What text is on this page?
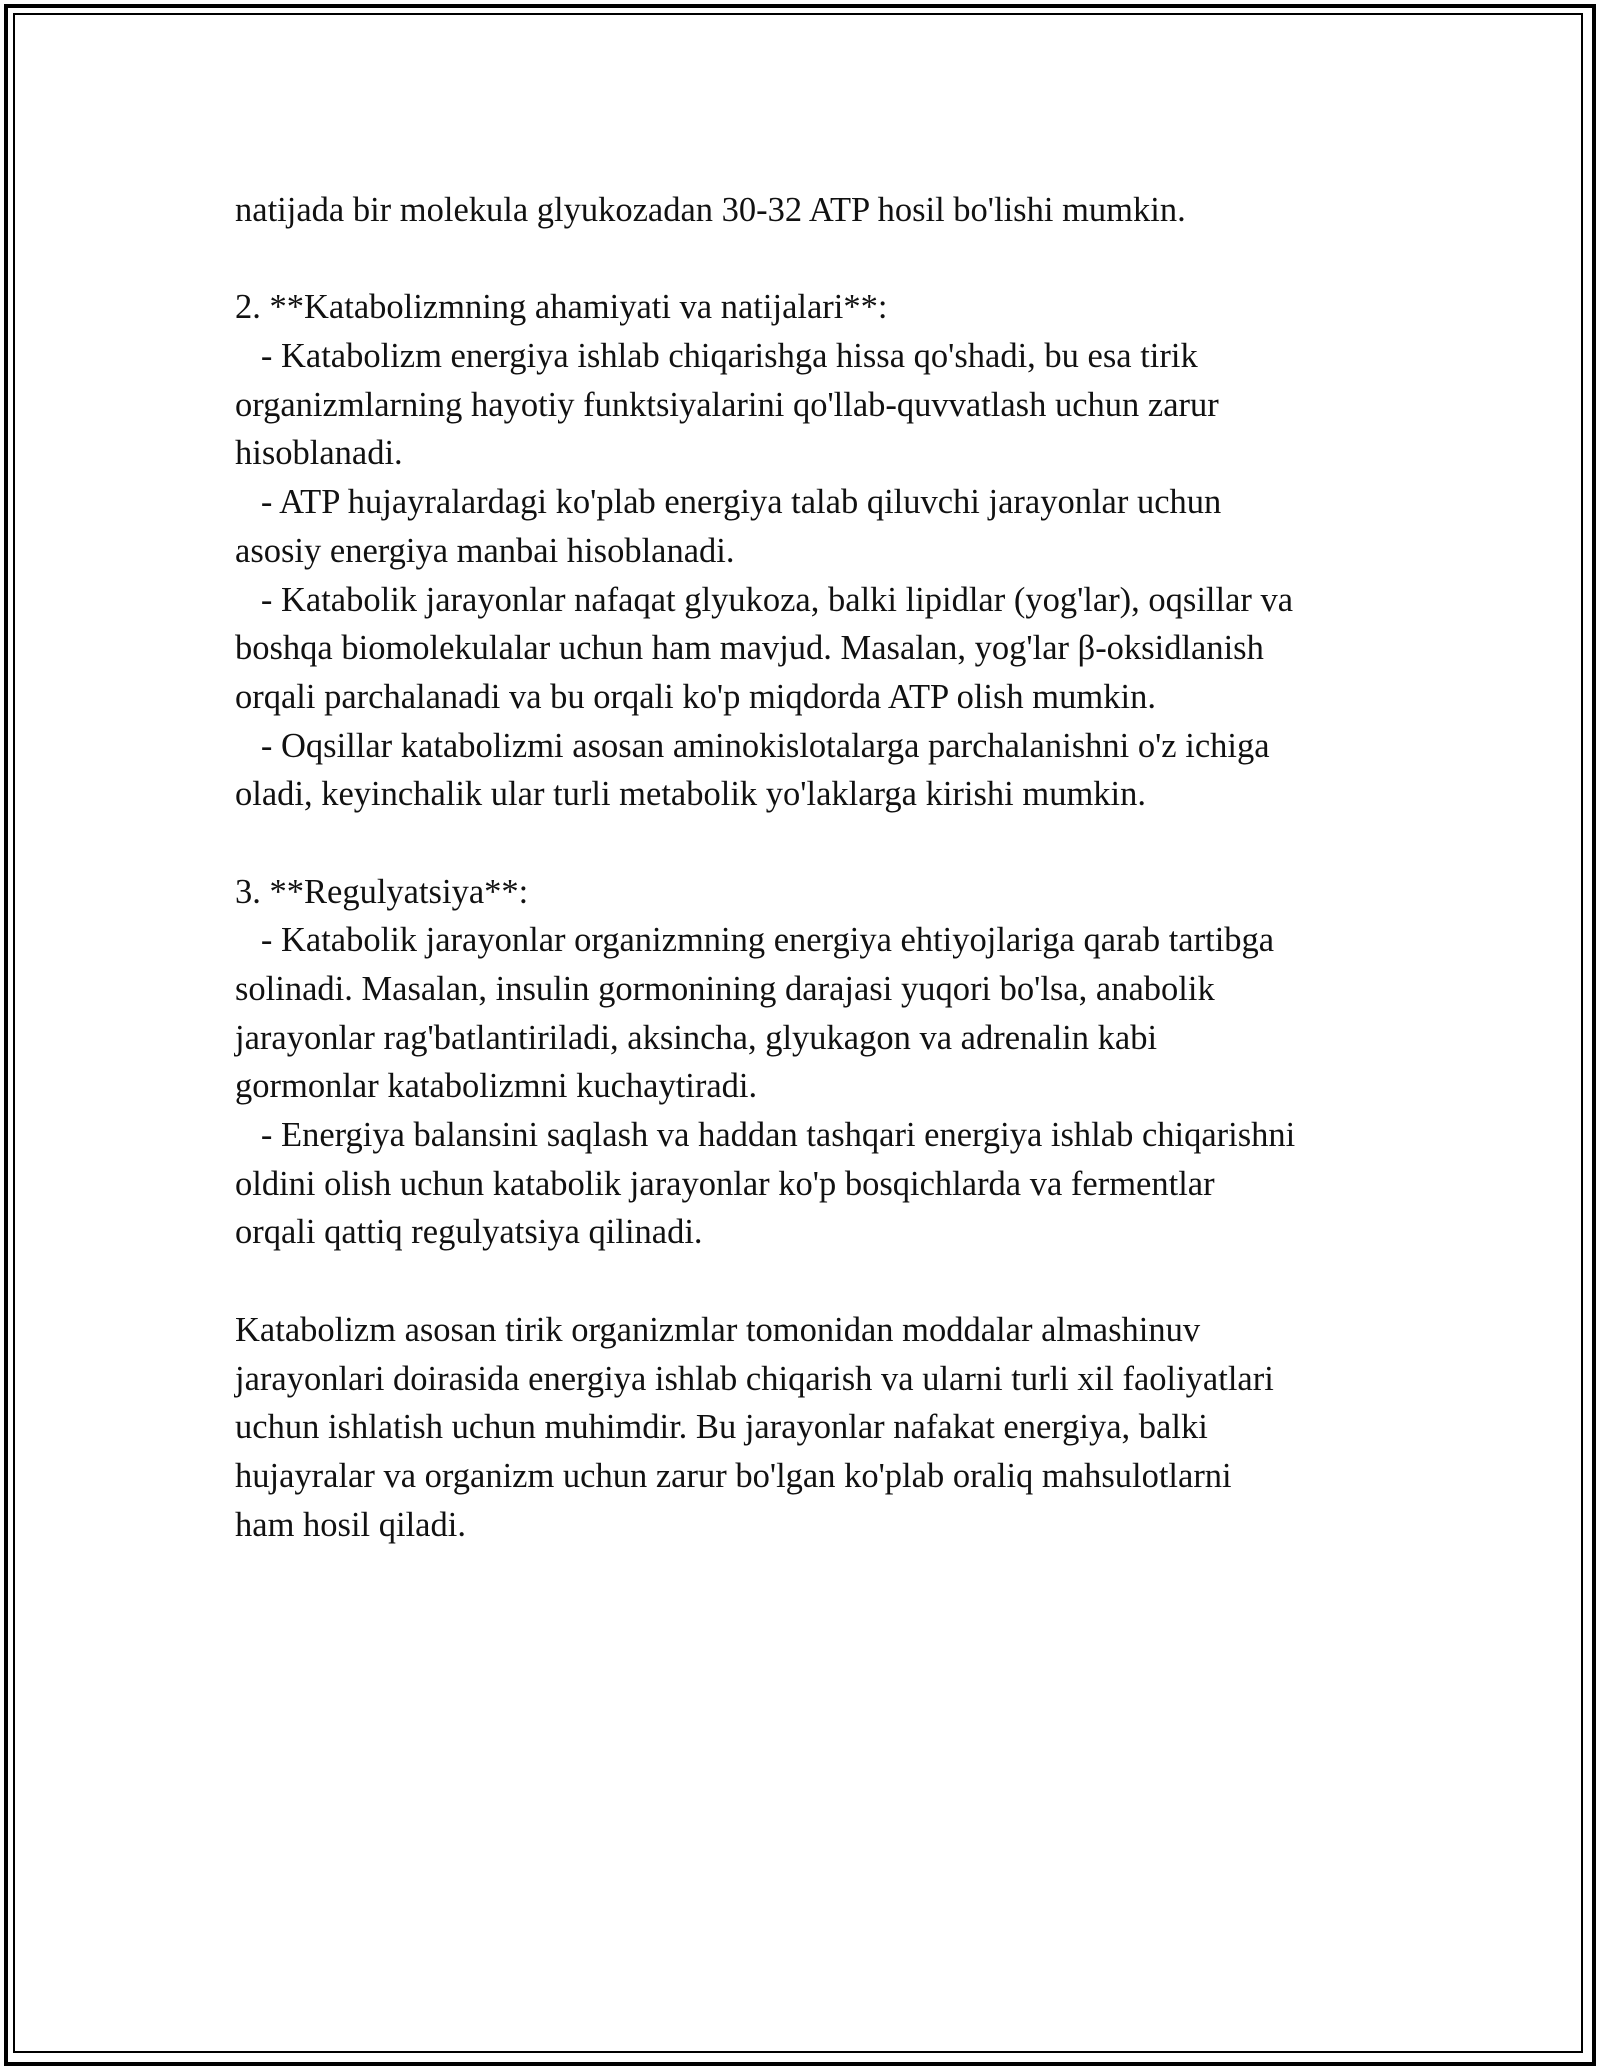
natijada bir molekula glyukozadan 30-32 ATP hosil bo'lishi mumkin.
2. **Katabolizmning ahamiyati va natijalari**:
- Katabolizm energiya ishlab chiqarishga hissa qo'shadi, bu esa tirik
organizmlarning hayotiy funktsiyalarini qo'llab-quvvatlash uchun zarur
hisoblanadi.
- ATP hujayralardagi ko'plab energiya talab qiluvchi jarayonlar uchun
asosiy energiya manbai hisoblanadi.
- Katabolik jarayonlar nafaqat glyukoza, balki lipidlar (yog'lar), oqsillar va
boshqa biomolekulalar uchun ham mavjud. Masalan, yog'lar β-oksidlanish
orqali parchalanadi va bu orqali ko'p miqdorda ATP olish mumkin.
- Oqsillar katabolizmi asosan aminokislotalarga parchalanishni o'z ichiga
oladi, keyinchalik ular turli metabolik yo'laklarga kirishi mumkin.
3. **Regulyatsiya**:
- Katabolik jarayonlar organizmning energiya ehtiyojlariga qarab tartibga
solinadi. Masalan, insulin gormonining darajasi yuqori bo'lsa, anabolik
jarayonlar rag'batlantiriladi, aksincha, glyukagon va adrenalin kabi
gormonlar katabolizmni kuchaytiradi.
- Energiya balansini saqlash va haddan tashqari energiya ishlab chiqarishni
oldini olish uchun katabolik jarayonlar ko'p bosqichlarda va fermentlar
orqali qattiq regulyatsiya qilinadi.
Katabolizm asosan tirik organizmlar tomonidan moddalar almashinuv
jarayonlari doirasida energiya ishlab chiqarish va ularni turli xil faoliyatlari
uchun ishlatish uchun muhimdir. Bu jarayonlar nafakat energiya, balki
hujayralar va organizm uchun zarur bo'lgan ko'plab oraliq mahsulotlarni
ham hosil qiladi.
